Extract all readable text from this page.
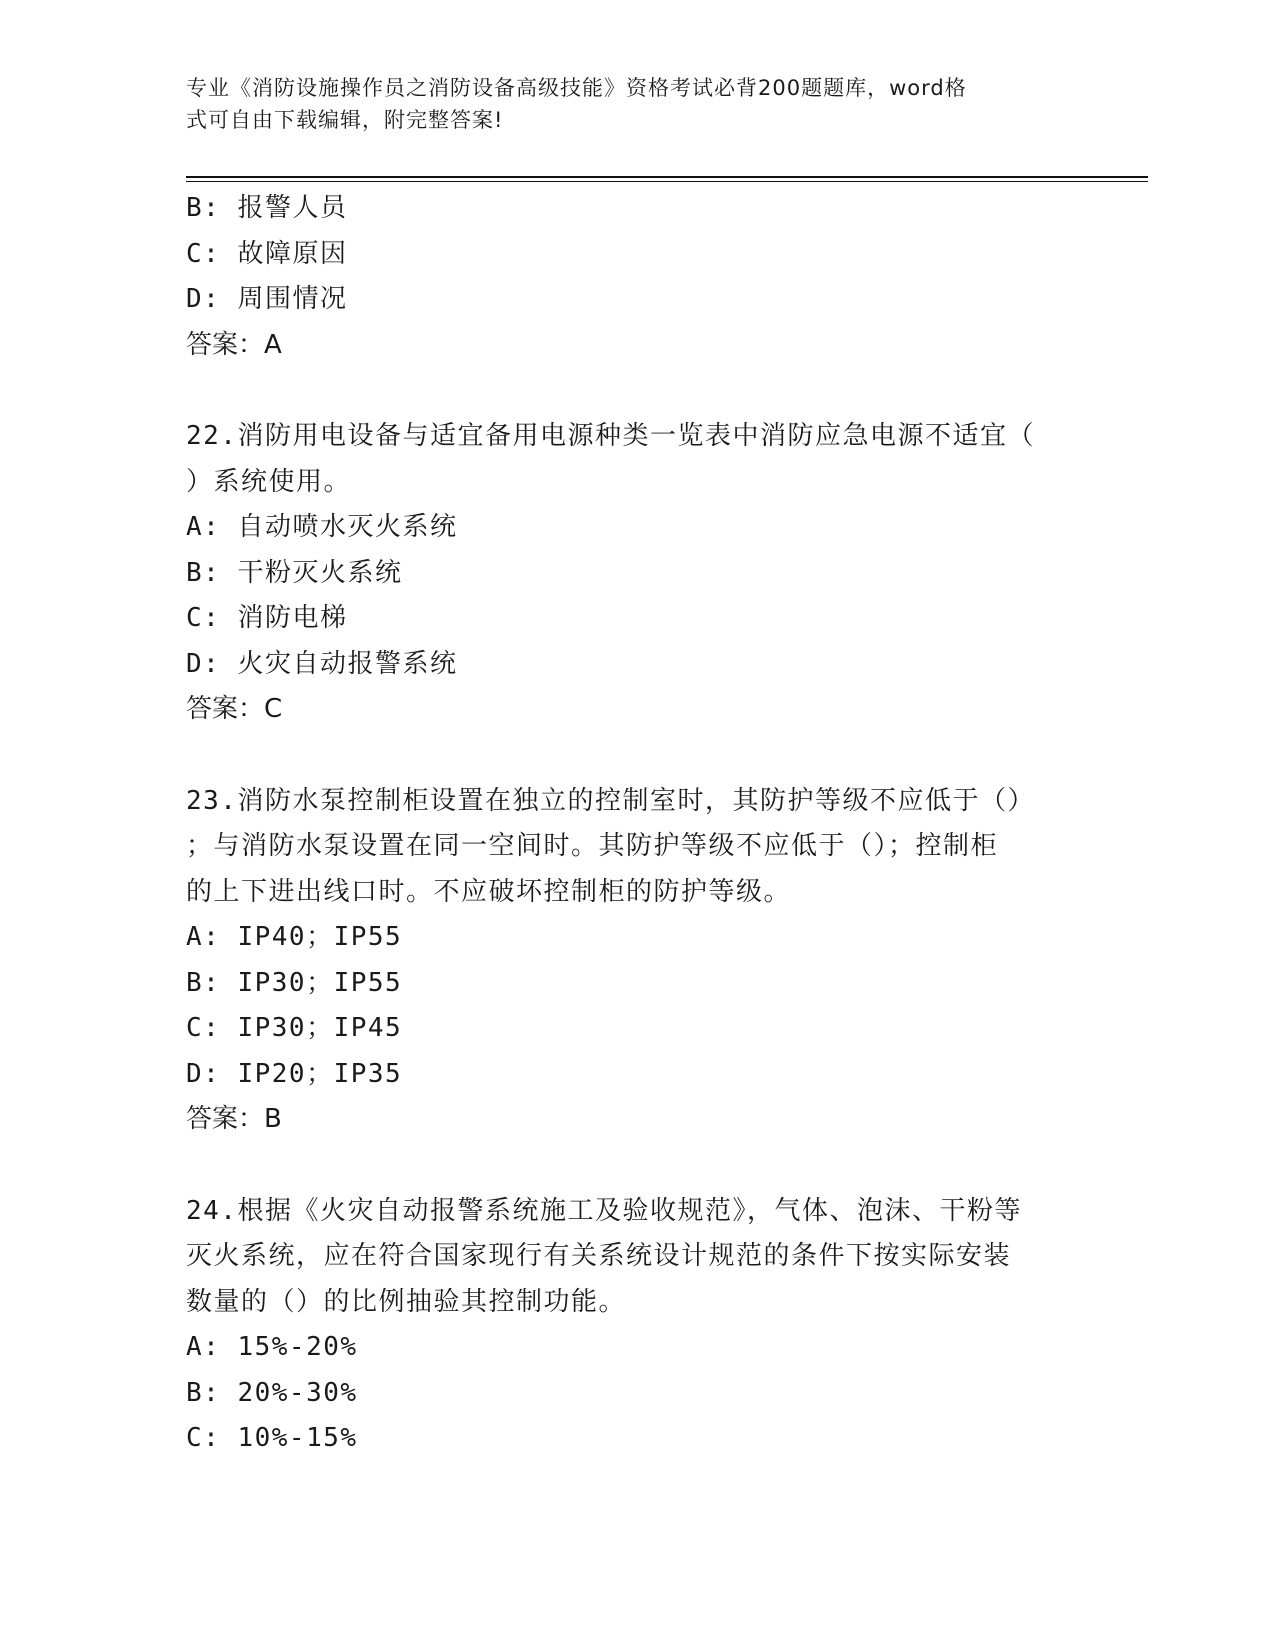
专业《消防设施操作员之消防设备高级技能》资格考试必背200题题库，word格
式可自由下载编辑，附完整答案!
B: 报警人员
C: 故障原因
D: 周围情况
答案：A
22.消防用电设备与适宜备用电源种类一览表中消防应急电源不适宜（
）系统使用。
A: 自动喷水灭火系统
B: 干粉灭火系统
C: 消防电梯
D: 火灾自动报警系统
答案：C
23.消防水泵控制柜设置在独立的控制室时，其防护等级不应低于（）
；与消防水泵设置在同一空间时。其防护等级不应低于（）；控制柜
的上下进出线口时。不应破坏控制柜的防护等级。
A: IP40；IP55
B: IP30；IP55
C: IP30；IP45
D: IP20；IP35
答案：B
24.根据《火灾自动报警系统施工及验收规范》，气体、泡沫、干粉等
灭火系统，应在符合国家现行有关系统设计规范的条件下按实际安装
数量的（）的比例抽验其控制功能。
A: 15%-20%
B: 20%-30%
C: 10%-15%
